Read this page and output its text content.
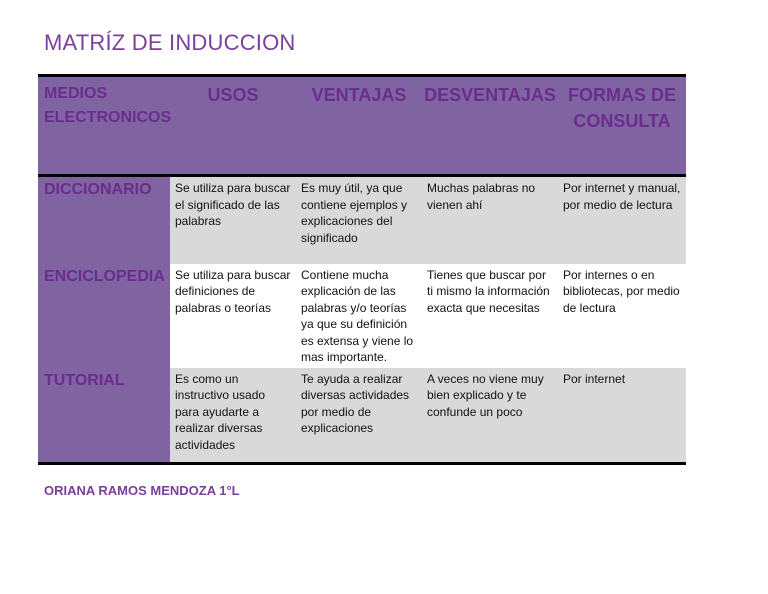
MATRÍZ DE INDUCCION
MEDIOS ELECTRONICOS	USOS	VENTAJAS	DESVENTAJAS	FORMAS DE CONSULTA
DICCIONARIO	Se utiliza para buscar el significado de las palabras	Es muy útil, ya que contiene ejemplos y explicaciones del significado	Muchas palabras no vienen ahí	Por internet y manual, por medio de lectura
ENCICLOPEDIA	Se utiliza para buscar definiciones de palabras o teorías	Contiene mucha explicación de las palabras y/o teorías ya que su definición es extensa y viene lo mas importante.	Tienes que buscar por ti mismo la información exacta que necesitas	Por internes o en bibliotecas, por medio de lectura
TUTORIAL	Es como un instructivo usado para ayudarte a realizar diversas actividades	Te ayuda a realizar diversas actividades por medio de explicaciones	A veces no viene muy bien explicado y te confunde un poco	Por internet
ORIANA RAMOS MENDOZA 1°L
